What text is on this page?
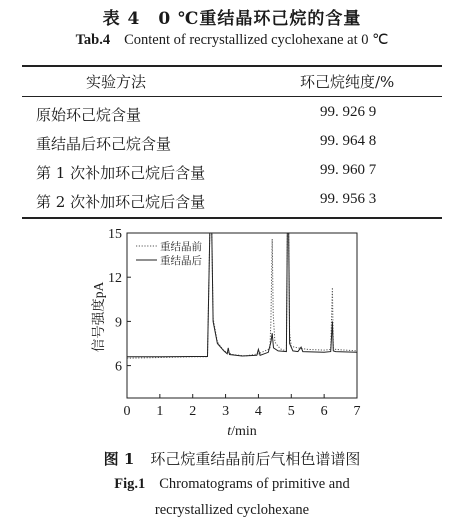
表 4 0 ℃重结晶环己烷的含量
Tab.4 Content of recrystallized cyclohexane at 0 ℃
实验方法	环己烷纯度/%
原始环己烷含量	99. 926 9
重结晶后环己烷含量	99. 964 8
第 1 次补加环己烷后含量	99. 960 7
第 2 次补加环己烷后含量	99. 956 3
6
9
12
15
0 1 2 3 4 5 6 7
信号强度pA
t/min
重结晶前
重结晶后
图 1 环己烷重结晶前后气相色谱谱图
Fig.1 Chromatograms of primitive and
recrystallized cyclohexane
